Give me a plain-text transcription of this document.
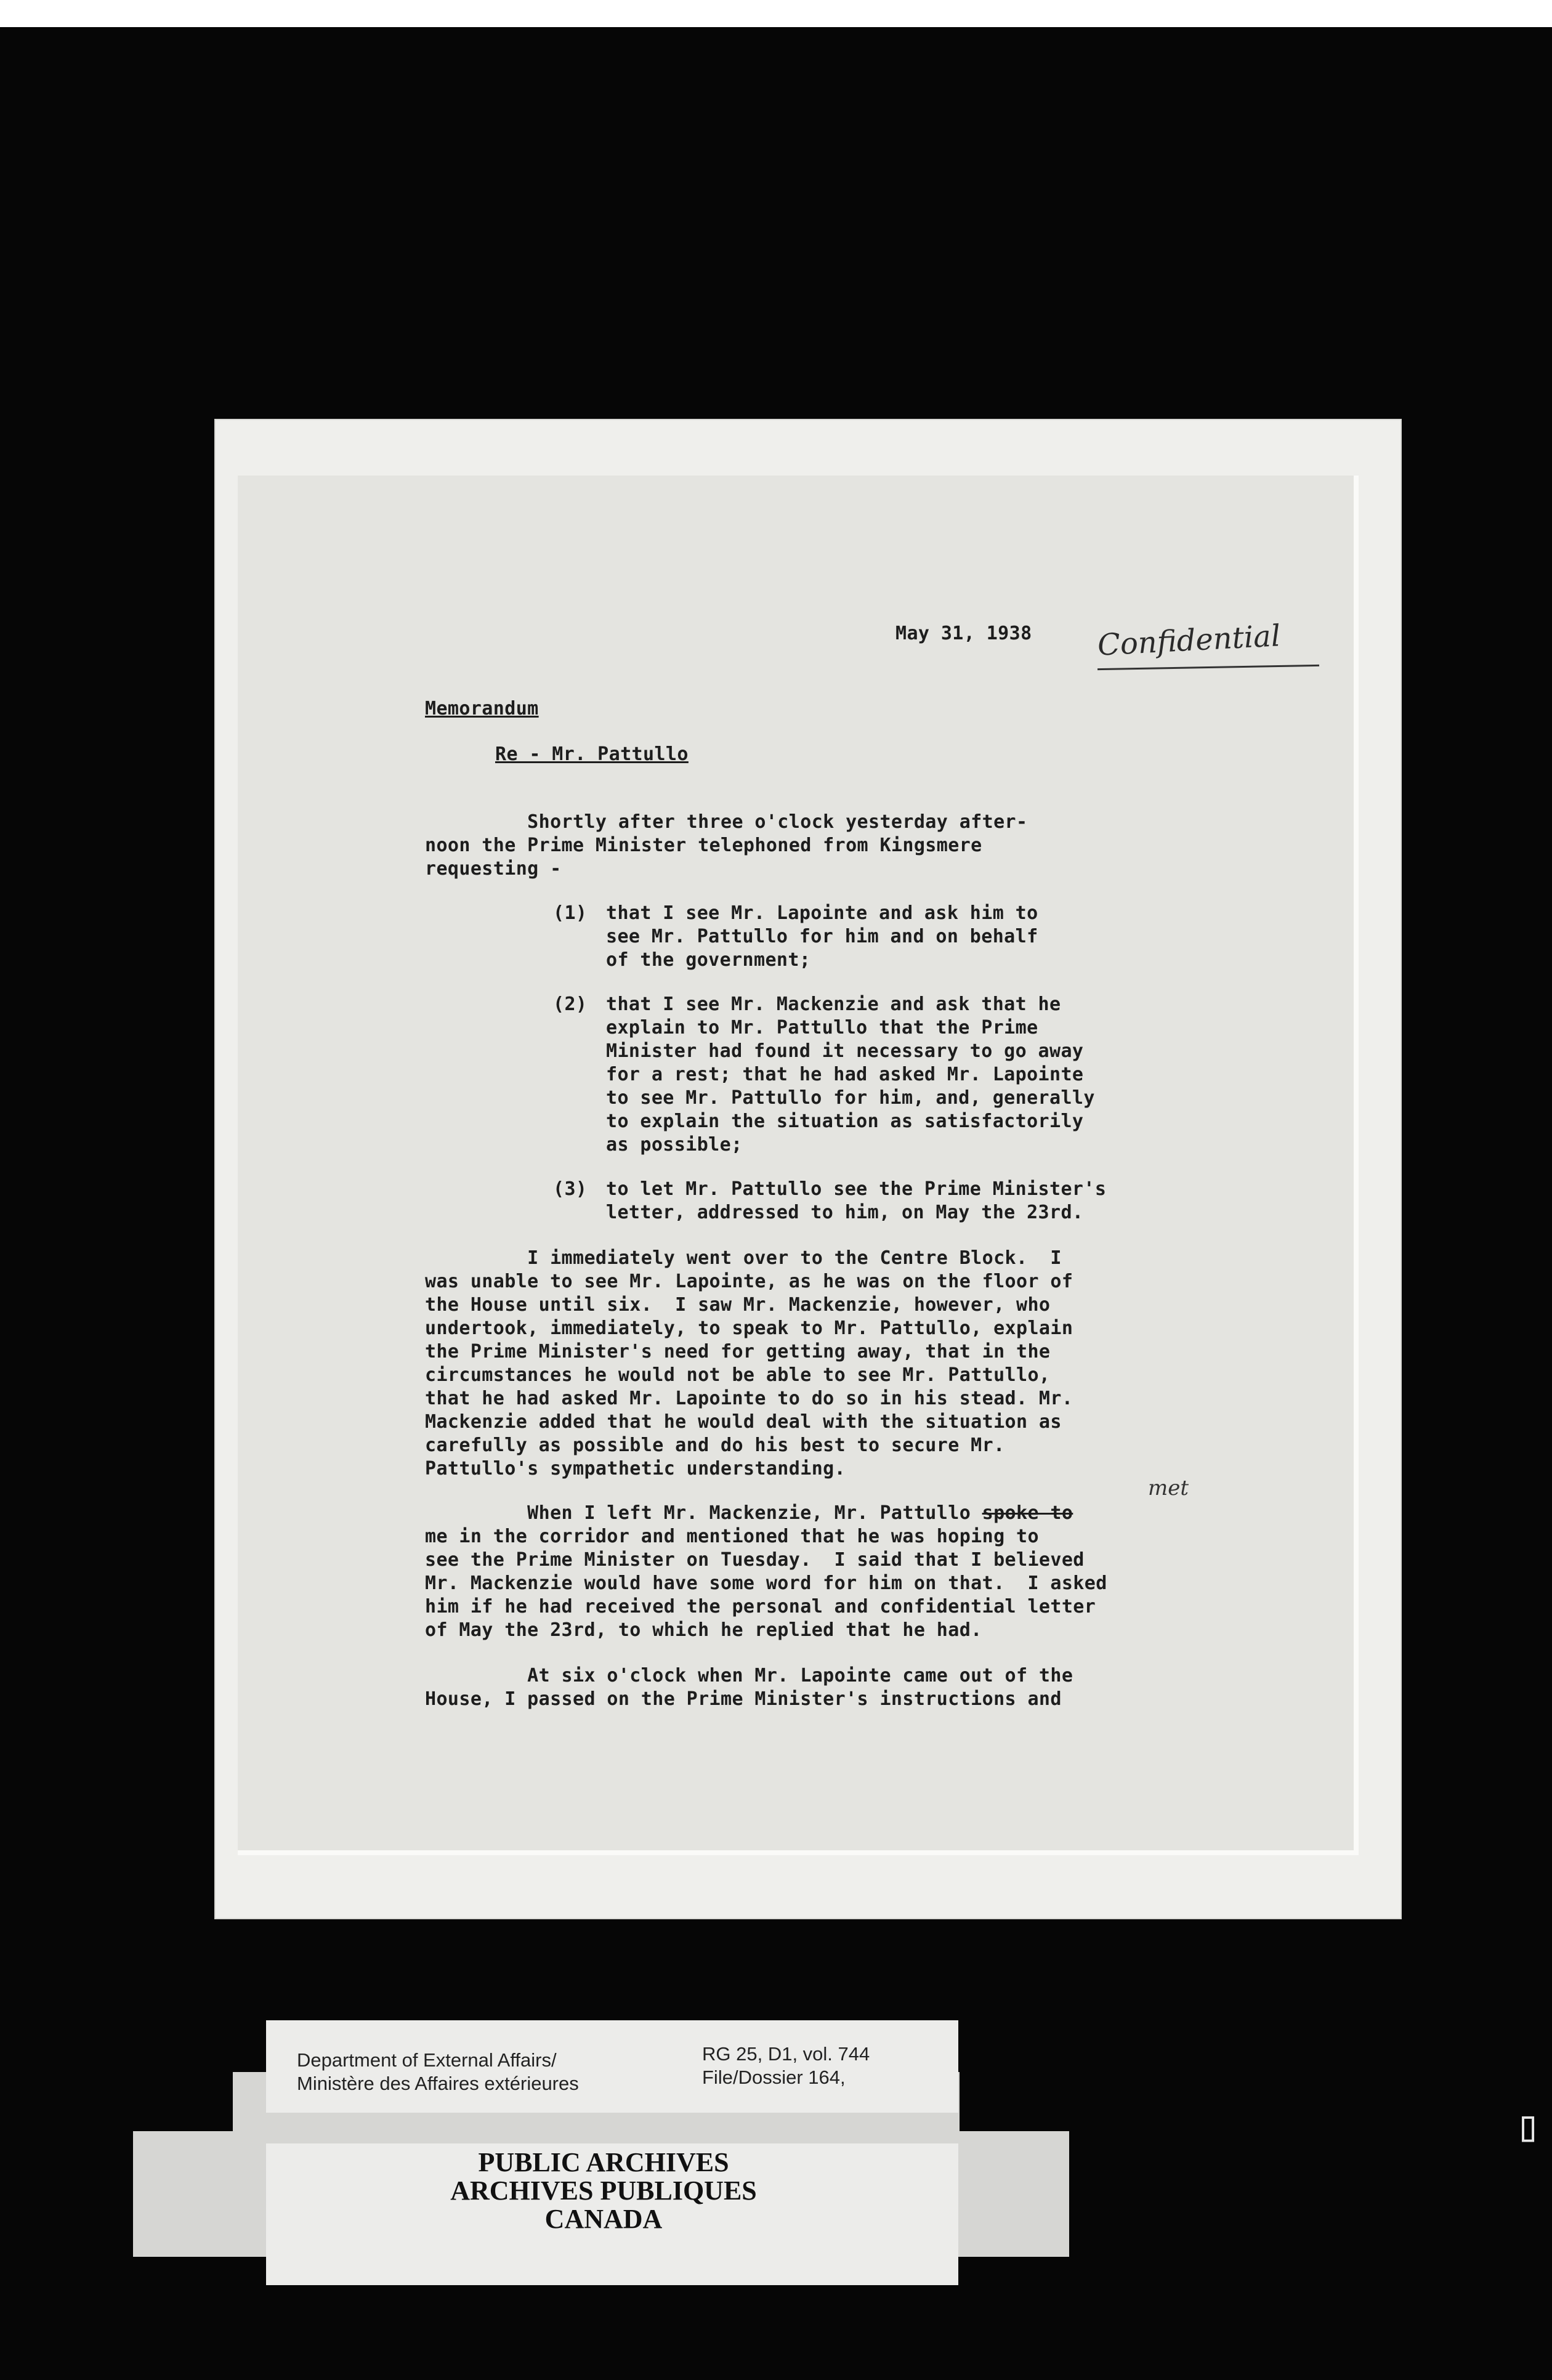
May 31, 1938 Confidential
Memorandum
Re - Mr. Pattullo
Shortly after three o'clock yesterday after-
noon the Prime Minister telephoned from Kingsmere
requesting -
(1) that I see Mr. Lapointe and ask him to
see Mr. Pattullo for him and on behalf
of the government;
(2) that I see Mr. Mackenzie and ask that he
explain to Mr. Pattullo that the Prime
Minister had found it necessary to go away
for a rest; that he had asked Mr. Lapointe
to see Mr. Pattullo for him, and, generally
to explain the situation as satisfactorily
as possible;
(3) to let Mr. Pattullo see the Prime Minister's
letter, addressed to him, on May the 23rd.
I immediately went over to the Centre Block.  I
was unable to see Mr. Lapointe, as he was on the floor of
the House until six.  I saw Mr. Mackenzie, however, who
undertook, immediately, to speak to Mr. Pattullo, explain
the Prime Minister's need for getting away, that in the
circumstances he would not be able to see Mr. Pattullo,
that he had asked Mr. Lapointe to do so in his stead. Mr.
Mackenzie added that he would deal with the situation as
carefully as possible and do his best to secure Mr.
Pattullo's sympathetic understanding.
met
When I left Mr. Mackenzie, Mr. Pattullo spoke to
me in the corridor and mentioned that he was hoping to
see the Prime Minister on Tuesday.  I said that I believed
Mr. Mackenzie would have some word for him on that.  I asked
him if he had received the personal and confidential letter
of May the 23rd, to which he replied that he had.
At six o'clock when Mr. Lapointe came out of the
House, I passed on the Prime Minister's instructions and
Department of External Affairs/
Ministère des Affaires extérieures
RG 25, D1, vol. 744
File/Dossier 164,
PUBLIC ARCHIVES
ARCHIVES PUBLIQUES
CANADA
▯
